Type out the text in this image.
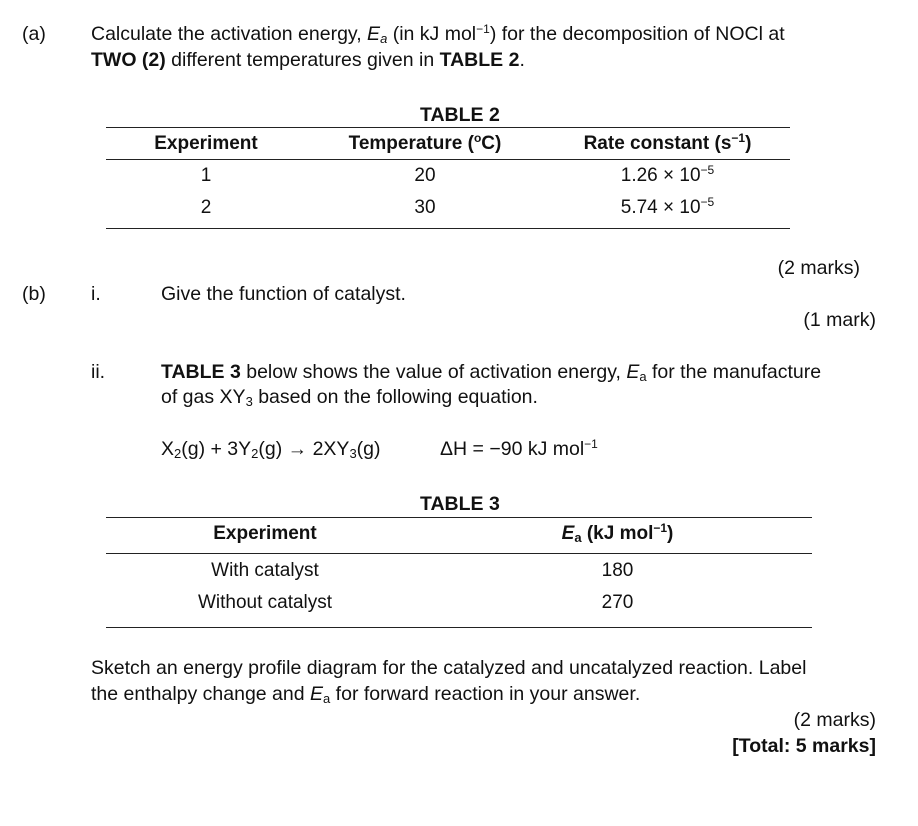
(a) Calculate the activation energy, $E_a$ (in kJ mol$^{-1}$) for the decomposition of NOCl at
TWO (2) different temperatures given in TABLE 2.
TABLE 2
Experiment	Temperature ($^o$C)	Rate constant $(s^{-1})$
1	20	$1.26 \times 10^{-5}$
2	30	$5.74 \times 10^{-5}$
(2 marks)
(b) i.	Give the function of catalyst.
(1 mark)
ii.	TABLE 3 below shows the value of activation energy, $E_a$ for the manufacture
of gas $XY_3$ based on the following equation.
$X_2(g) + 3Y_2(g) \to 2XY_3(g)$	ΔH = −90 kJ mol$^{-1}$
TABLE 3
Experiment	$E_a$ (kJ mol$^{-1}$)
With catalyst	180
Without catalyst	270
Sketch an energy profile diagram for the catalyzed and uncatalyzed reaction. Label
the enthalpy change and $E_a$ for forward reaction in your answer.
(2 marks)
[Total: 5 marks]
